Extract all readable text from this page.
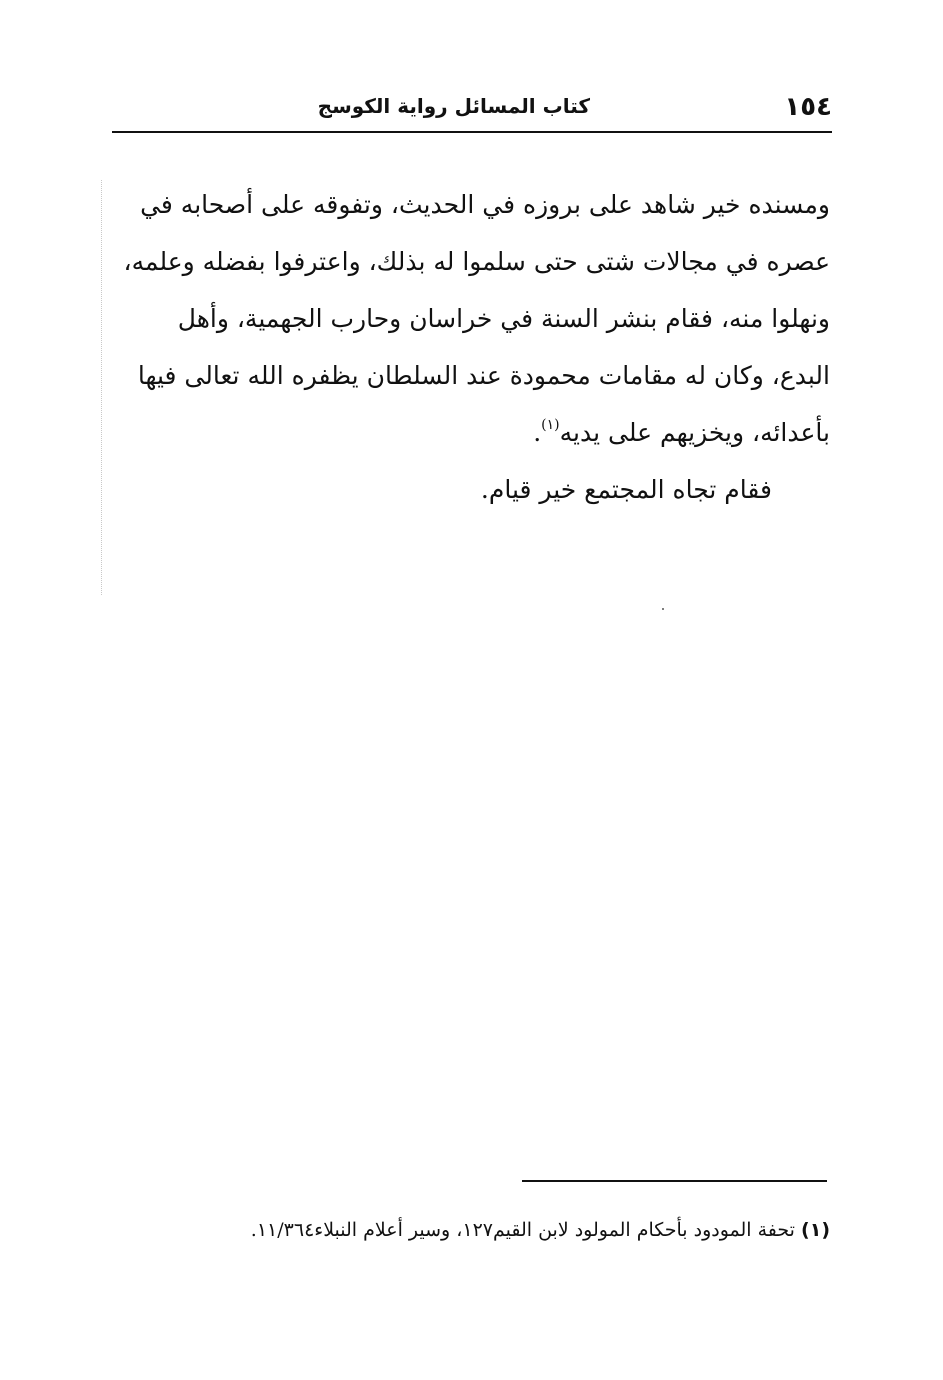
١٥٤
كتاب المسائل رواية الكوسج

ومسنده خير شاهد على بروزه في الحديث، وتفوقه على أصحابه في عصره في مجالات شتى حتى سلموا له بذلك، واعترفوا بفضله وعلمه، ونهلوا منه، فقام بنشر السنة في خراسان وحارب الجهمية، وأهل البدع، وكان له مقامات محمودة عند السلطان يظفره الله تعالى فيها بأعدائه، ويخزيهم على يديه$^{(١)}$.

فقام تجاه المجتمع خير قيام.

(١) تحفة المودود بأحكام المولود لابن القيم١٢٧، وسير أعلام النبلاء١١/٣٦٤.
